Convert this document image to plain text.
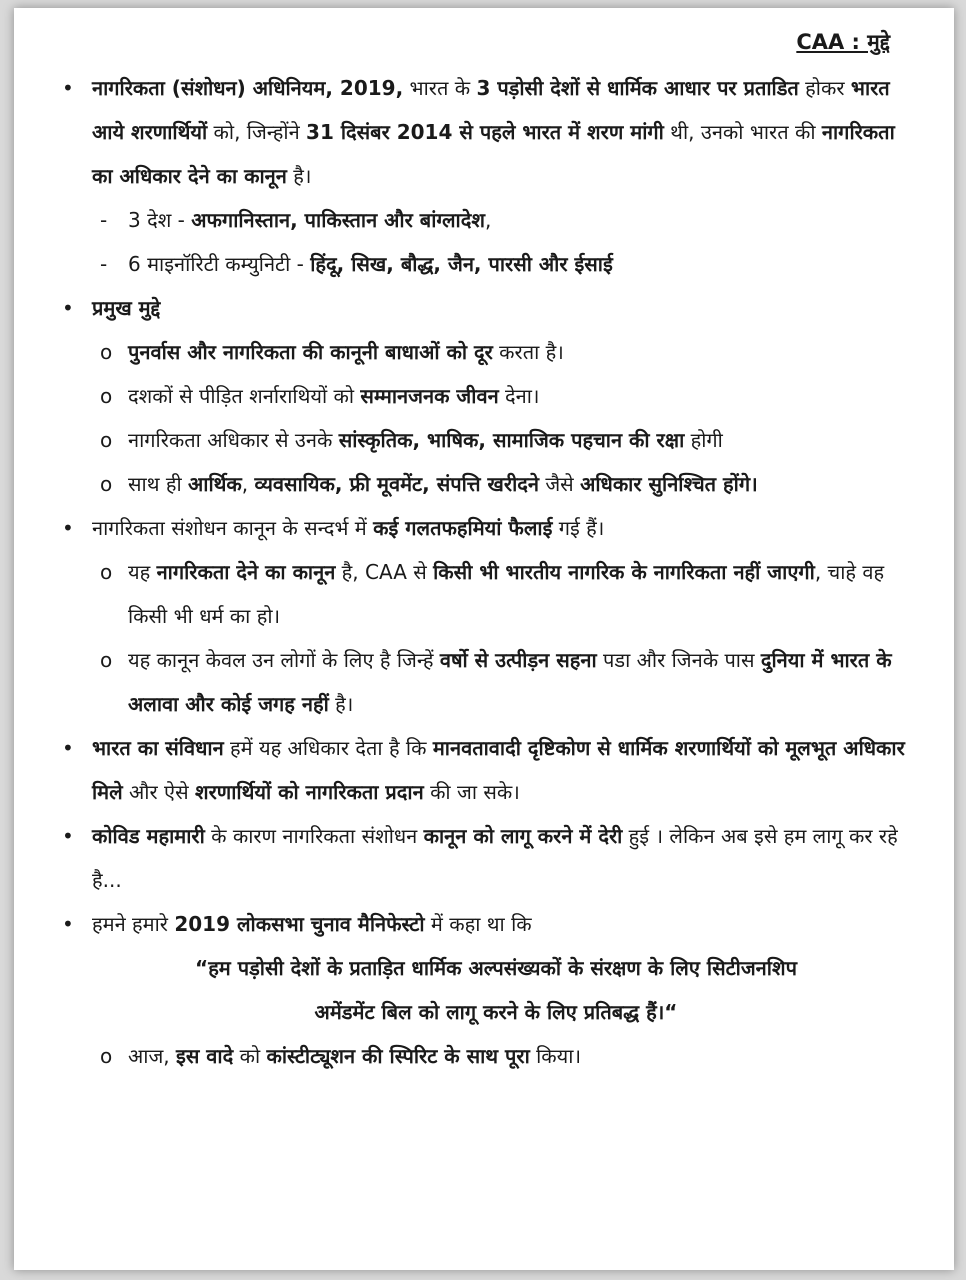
CAA : मुद्दे
• नागरिकता (संशोधन) अधिनियम, 2019, भारत के 3 पड़ोसी देशों से धार्मिक आधार पर प्रताडित होकर भारत आये शरणार्थियों को, जिन्होंने 31 दिसंबर 2014 से पहले भारत में शरण मांगी थी, उनको भारत की नागरिकता का अधिकार देने का कानून है।
- 3 देश - अफगानिस्तान, पाकिस्तान और बांग्लादेश,
- 6 माइनॉरिटी कम्युनिटी - हिंदू, सिख, बौद्ध, जैन, पारसी और ईसाई
• प्रमुख मुद्दे
o पुनर्वास और नागरिकता की कानूनी बाधाओं को दूर करता है।
o दशकों से पीड़ित शर्नाराथियों को सम्मानजनक जीवन देना।
o नागरिकता अधिकार से उनके सांस्कृतिक, भाषिक, सामाजिक पहचान की रक्षा होगी
o साथ ही आर्थिक, व्यवसायिक, फ्री मूवमेंट, संपत्ति खरीदने जैसे अधिकार सुनिश्चित होंगे।
• नागरिकता संशोधन कानून के सन्दर्भ में कई गलतफहमियां फैलाई गई हैं।
o यह नागरिकता देने का कानून है, CAA से किसी भी भारतीय नागरिक के नागरिकता नहीं जाएगी, चाहे वह किसी भी धर्म का हो।
o यह कानून केवल उन लोगों के लिए है जिन्हें वर्षो से उत्पीड़न सहना पडा और जिनके पास दुनिया में भारत के अलावा और कोई जगह नहीं है।
• भारत का संविधान हमें यह अधिकार देता है कि मानवतावादी दृष्टिकोण से धार्मिक शरणार्थियों को मूलभूत अधिकार मिले और ऐसे शरणार्थियों को नागरिकता प्रदान की जा सके।
• कोविड महामारी के कारण नागरिकता संशोधन कानून को लागू करने में देरी हुई । लेकिन अब इसे हम लागू कर रहे है...
• हमने हमारे 2019 लोकसभा चुनाव मैनिफेस्टो में कहा था कि
“हम पड़ोसी देशों के प्रताड़ित धार्मिक अल्पसंख्यकों के संरक्षण के लिए सिटीजनशिप
अमेंडमेंट बिल को लागू करने के लिए प्रतिबद्ध हैं।“
o आज, इस वादे को कांस्टीट्यूशन की स्पिरिट के साथ पूरा किया।
